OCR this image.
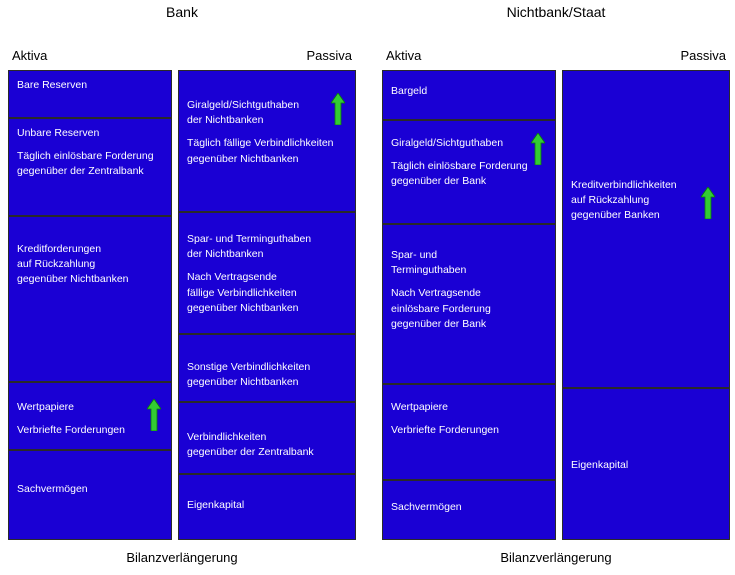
Bank
Aktiva	Passiva
Bare Reserven
Unbare Reserven
Täglich einlösbare Forderung
gegenüber der Zentralbank
Kreditforderungen
auf Rückzahlung
gegenüber Nichtbanken
Wertpapiere
Verbriefte Forderungen
Sachvermögen
Giralgeld/Sichtguthaben
der Nichtbanken
Täglich fällige Verbindlichkeiten
gegenüber Nichtbanken
Spar- und Terminguthaben
der Nichtbanken
Nach Vertragsende
fällige Verbindlichkeiten
gegenüber Nichtbanken
Sonstige Verbindlichkeiten
gegenüber Nichtbanken
Verbindlichkeiten
gegenüber der Zentralbank
Eigenkapital
Bilanzverlängerung
Nichtbank/Staat
Aktiva	Passiva
Bargeld
Giralgeld/Sichtguthaben
Täglich einlösbare Forderung
gegenüber der Bank
Spar- und
Terminguthaben
Nach Vertragsende
einlösbare Forderung
gegenüber der Bank
Wertpapiere
Verbriefte Forderungen
Sachvermögen
Kreditverbindlichkeiten
auf Rückzahlung
gegenüber Banken
Eigenkapital
Bilanzverlängerung
